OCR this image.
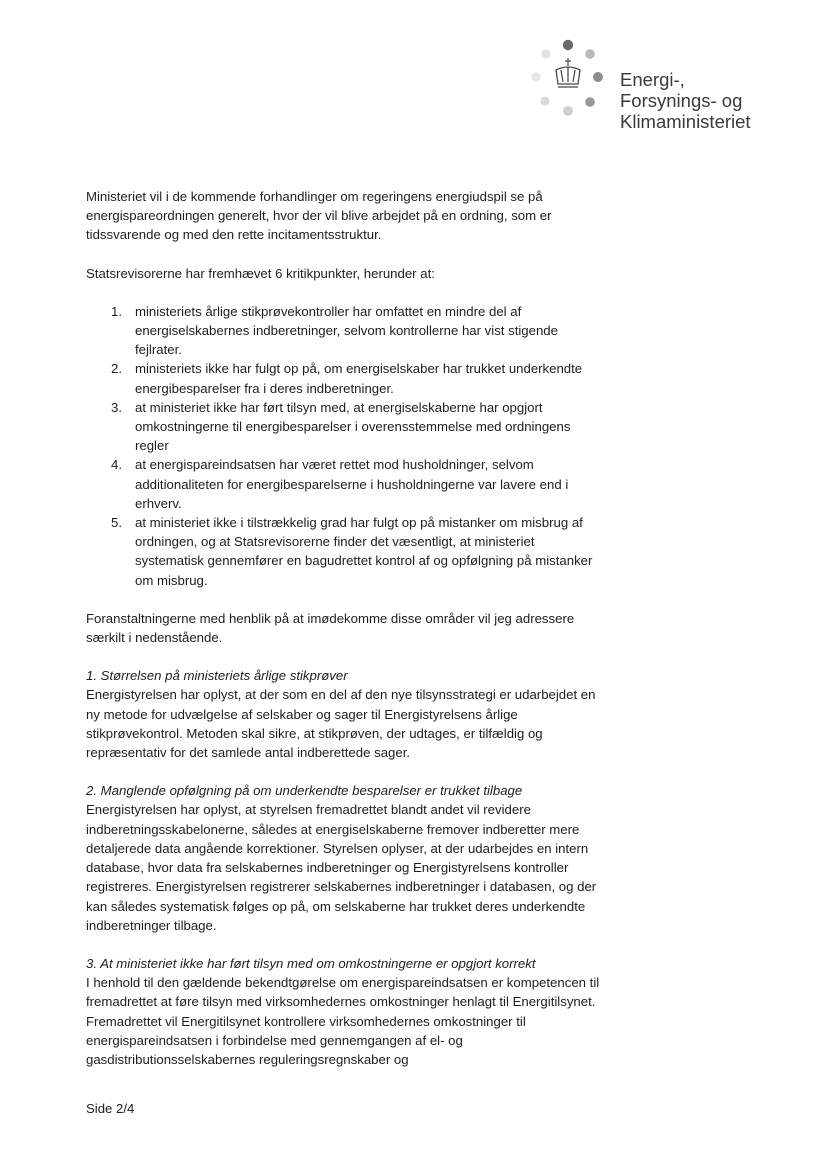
Energi-,
Forsynings- og
Klimaministeriet

Ministeriet vil i de kommende forhandlinger om regeringens energiudspil se på energispareordningen generelt, hvor der vil blive arbejdet på en ordning, som er tidssvarende og med den rette incitamentsstruktur.

Statsrevisorerne har fremhævet 6 kritikpunkter, herunder at:

1. ministeriets årlige stikprøvekontroller har omfattet en mindre del af energiselskabernes indberetninger, selvom kontrollerne har vist stigende fejlrater.
2. ministeriets ikke har fulgt op på, om energiselskaber har trukket underkendte energibesparelser fra i deres indberetninger.
3. at ministeriet ikke har ført tilsyn med, at energiselskaberne har opgjort omkostningerne til energibesparelser i overensstemmelse med ordningens regler
4. at energispareindsatsen har været rettet mod husholdninger, selvom additionaliteten for energibesparelserne i husholdningerne var lavere end i erhverv.
5. at ministeriet ikke i tilstrækkelig grad har fulgt op på mistanker om misbrug af ordningen, og at Statsrevisorerne finder det væsentligt, at ministeriet systematisk gennemfører en bagudrettet kontrol af og opfølgning på mistanker om misbrug.

Foranstaltningerne med henblik på at imødekomme disse områder vil jeg adressere særkilt i nedenstående.

1. Størrelsen på ministeriets årlige stikprøver

Energistyrelsen har oplyst, at der som en del af den nye tilsynsstrategi er udarbejdet en ny metode for udvælgelse af selskaber og sager til Energistyrelsens årlige stikprøvekontrol. Metoden skal sikre, at stikprøven, der udtages, er tilfældig og repræsentativ for det samlede antal indberettede sager.

2. Manglende opfølgning på om underkendte besparelser er trukket tilbage

Energistyrelsen har oplyst, at styrelsen fremadrettet blandt andet vil revidere indberetningsskabelonerne, således at energiselskaberne fremover indberetter mere detaljerede data angående korrektioner. Styrelsen oplyser, at der udarbejdes en intern database, hvor data fra selskabernes indberetninger og Energistyrelsens kontroller registreres. Energistyrelsen registrerer selskabernes indberetninger i databasen, og der kan således systematisk følges op på, om selskaberne har trukket deres underkendte indberetninger tilbage.

3. At ministeriet ikke har ført tilsyn med om omkostningerne er opgjort korrekt

I henhold til den gældende bekendtgørelse om energispareindsatsen er kompetencen til fremadrettet at føre tilsyn med virksomhedernes omkostninger henlagt til Energitilsynet. Fremadrettet vil Energitilsynet kontrollere virksomhedernes omkostninger til energispareindsatsen i forbindelse med gennemgangen af el- og gasdistributionsselskabernes reguleringsregnskaber og

Side 2/4
